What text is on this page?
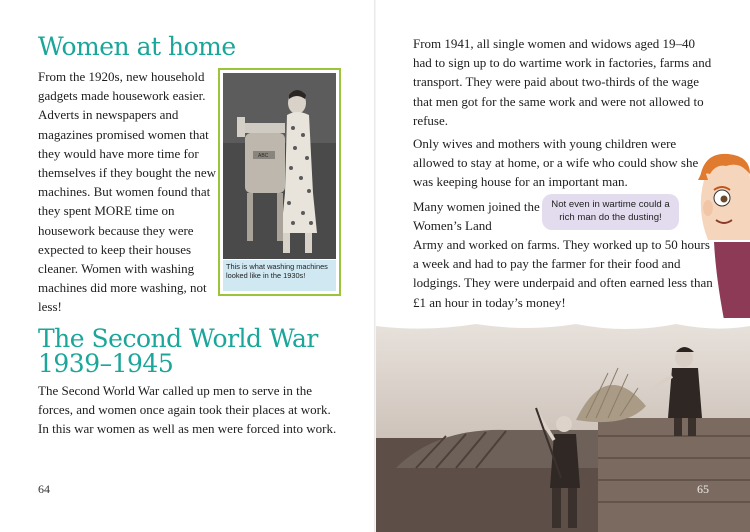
Women at home

From the 1920s, new household gadgets made housework easier. Adverts in newspapers and magazines promised women that they would have more time for themselves if they bought the new machines. But women found that they spent MORE time on housework because they were expected to keep their houses cleaner. Women with washing machines did more washing, not less!

ABC
This is what washing machines looked like in the 1930s!
The Second World War 1939–1945

The Second World War called up men to serve in the forces, and women once again took their places at work. In this war women as well as men were forced into work.

64

From 1941, all single women and widows aged 19–40 had to sign up to do wartime work in factories, farms and transport. They were paid about two-thirds of the wage that men got for the same work and were not allowed to refuse.

Only wives and mothers with young children were allowed to stay at home, or a wife who could show she was keeping house for an important man.

Many women joined the Women’s Land

Army and worked on farms. They worked up to 50 hours a week and had to pay the farmer for their food and lodgings. They were underpaid and often earned less than £1 an hour in today’s money!

Not even in wartime could a rich man do the dusting!
65
